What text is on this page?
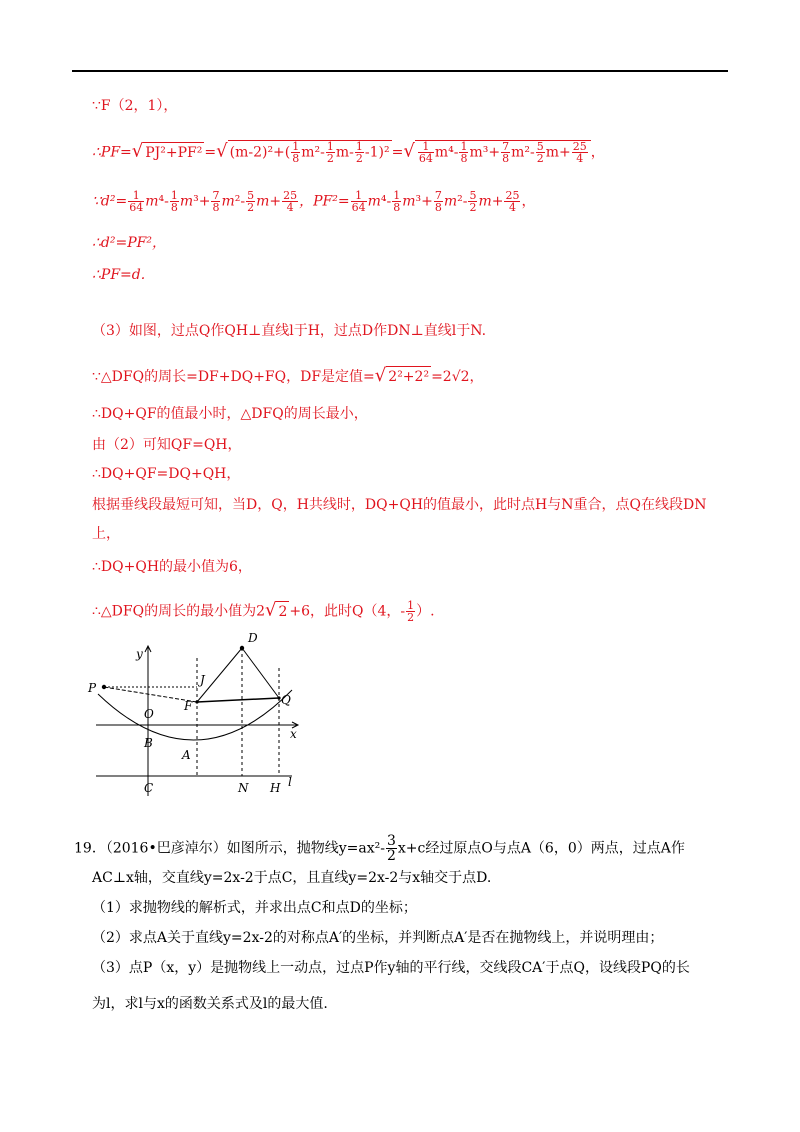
∵F（2，1），
∴PF=√ PJ²+PF² =√ $(m-2)^2+( \frac{1}{8} m^2- \frac{1}{2} m- \frac{1}{2} -1)^2$ =√ $\frac{1}{64} m^4- \frac{1}{8} m^3+ \frac{7}{8} m^2- \frac{5}{2} m+ \frac{25}{4}$ ，
∵d²= $\frac{1}{64} m^4- \frac{1}{8} m^3+ \frac{7}{8} m^2- \frac{5}{2} m+ \frac{25}{4}$ ，$PF^2= \frac{1}{64} m^4- \frac{1}{8} m^3+ \frac{7}{8} m^2- \frac{5}{2} m+ \frac{25}{4}$ ，
∴d²=PF²，
∴PF=d.
（3）如图，过点Q作QH⊥直线l于H，过点D作DN⊥直线l于N.
∵△DFQ的周长=DF+DQ+FQ，DF是定值=√ 2²+2² =2√2，
∴DQ+QF的值最小时，△DFQ的周长最小，
由（2）可知QF=QH，
∴DQ+QF=DQ+QH，
根据垂线段最短可知，当D，Q，H共线时，DQ+QH的值最小，此时点H与N重合，点Q在线段DN
上，
∴DQ+QH的最小值为6，
∴△DFQ的周长的最小值为2√ 2 +6，此时Q（4，- $\frac{1}{2}$ ）.
y
x
P
J
D
F	Q
O
B
A
C	N H l
19．（2016•巴彦淖尔）如图所示，抛物线$y=ax^2- \frac{3}{2} x+c$经过原点O与点A（6，0）两点，过点A作
AC⊥x轴，交直线y=2x-2于点C，且直线y=2x-2与x轴交于点D.
（1）求抛物线的解析式，并求出点C和点D的坐标；
（2）求点A关于直线y=2x-2的对称点A′的坐标，并判断点A′是否在抛物线上，并说明理由；
（3）点P（x，y）是抛物线上一动点，过点P作y轴的平行线，交线段CA′于点Q，设线段PQ的长
为l，求l与x的函数关系式及l的最大值.
